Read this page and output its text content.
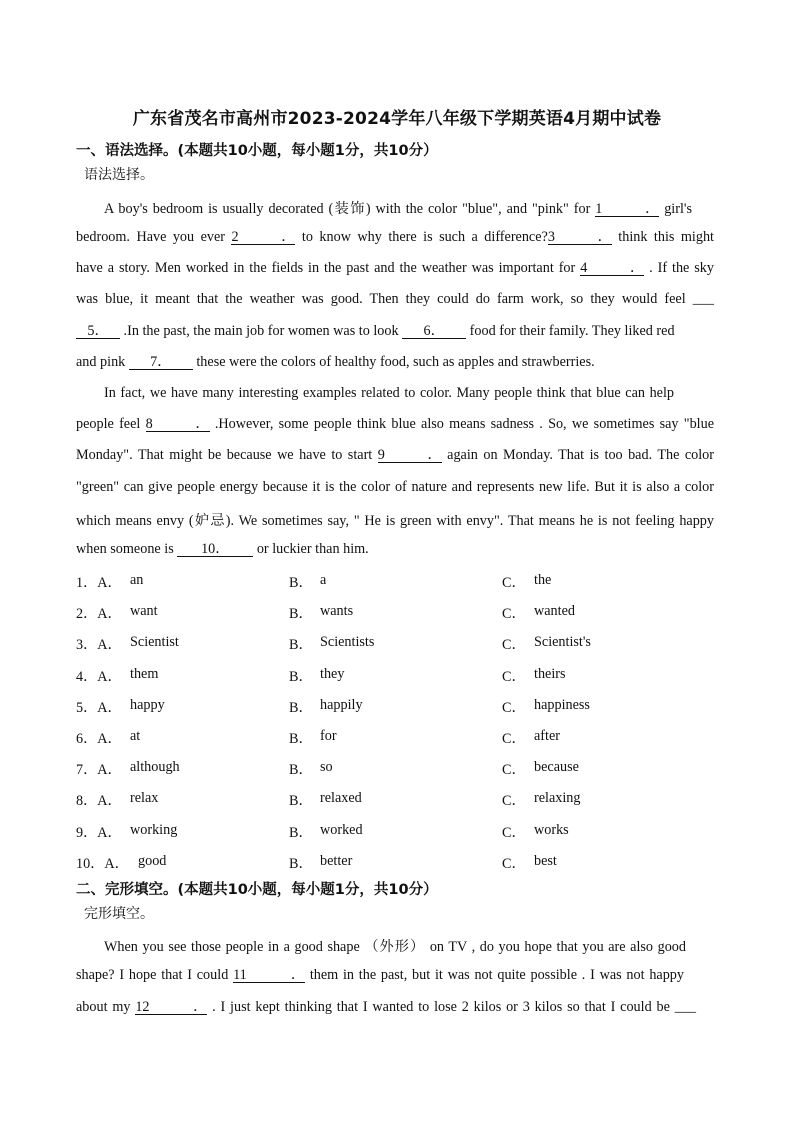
广东省茂名市高州市2023-2024学年八年级下学期英语4月期中试卷
一、语法选择。(本题共10小题，每小题1分，共10分）
语法选择。
A boy's bedroom is usually decorated (装饰) with the color "blue", and "pink" for 1． girl's
bedroom. Have you ever 2． to know why there is such a difference?3． think this might
have a story. Men worked in the fields in the past and the weather was important for 4． . If the sky
was blue, it meant that the weather was good. Then they could do farm work, so they would feel ___
5． .In the past, the main job for women was to look 6． food for their family. They liked red
and pink 7． these were the colors of healthy food, such as apples and strawberries.
In fact, we have many interesting examples related to color. Many people think that blue can help
people feel 8． .However, some people think blue also means sadness . So, we sometimes say "blue
Monday". That might be because we have to start 9． again on Monday. That is too bad. The color
"green" can give people energy because it is the color of nature and represents new life. But it is also a color
which means envy (妒忌). We sometimes say, " He is green with envy". That means he is not feeling happy
when someone is 10． or luckier than him.
1．A． an	B． a	C． the
2．A． want	B． wants	C． wanted
3．A． Scientist	B． Scientists	C． Scientist's
4．A． them	B． they	C． theirs
5．A． happy	B． happily	C． happiness
6．A． at	B． for	C． after
7．A． although	B． so	C． because
8．A． relax	B． relaxed	C． relaxing
9．A． working	B． worked	C． works
10．A． good	B． better	C． best
二、完形填空。(本题共10小题，每小题1分，共10分）
完形填空。
When you see those people in a good shape （外形） on TV , do you hope that you are also good
shape? I hope that I could 11． them in the past, but it was not quite possible . I was not happy
about my 12． . I just kept thinking that I wanted to lose 2 kilos or 3 kilos so that I could be ___
